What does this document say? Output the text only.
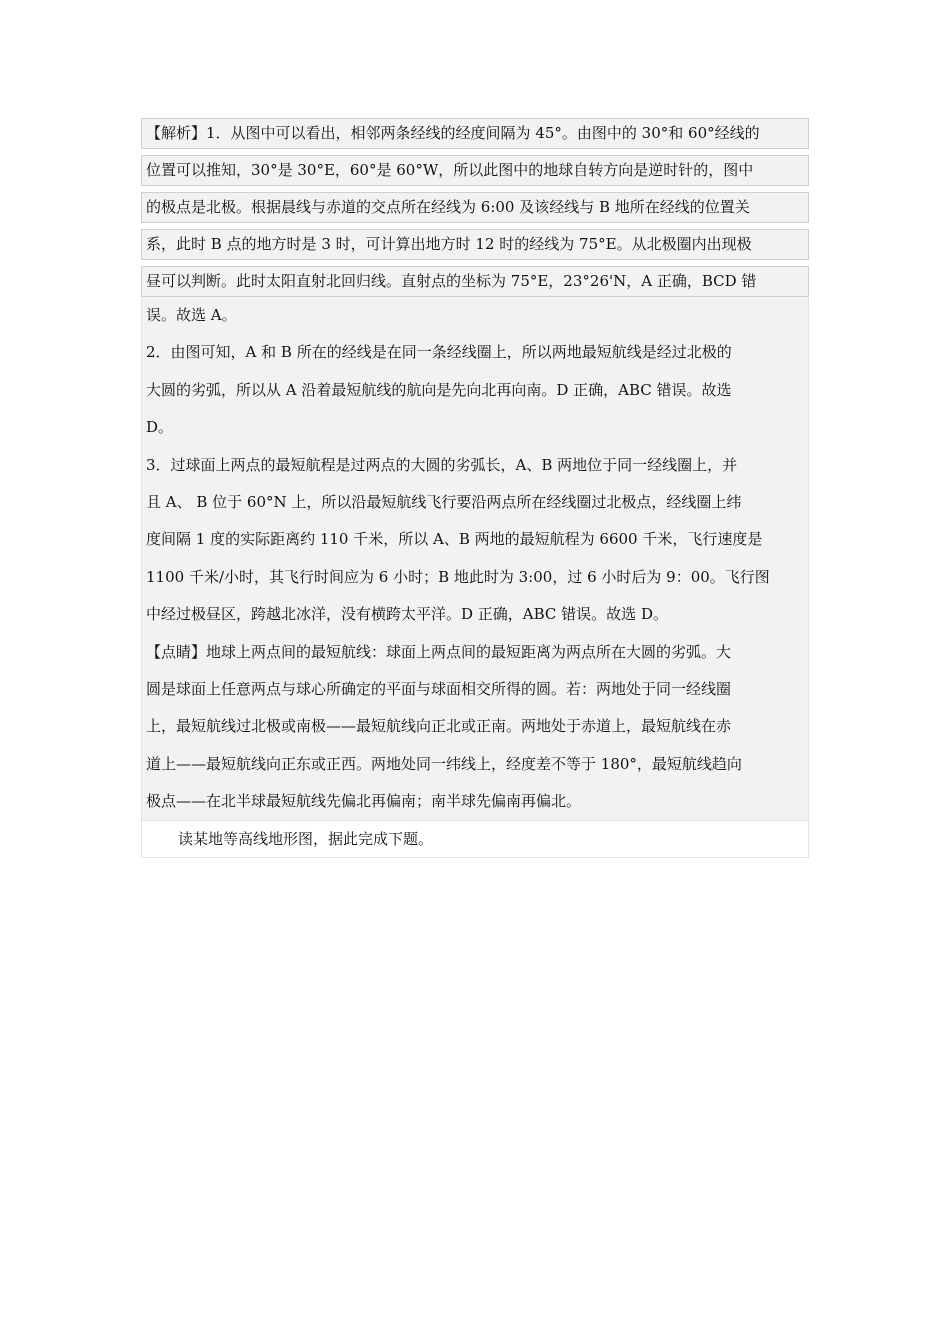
【解析】1．从图中可以看出，相邻两条经线的经度间隔为 45°。由图中的 30°和 60°经线的
位置可以推知，30°是 30°E，60°是 60°W，所以此图中的地球自转方向是逆时针的，图中
的极点是北极。根据晨线与赤道的交点所在经线为 6:00 及该经线与 B 地所在经线的位置关
系，此时 B 点的地方时是 3 时，可计算出地方时 12 时的经线为 75°E。从北极圈内出现极
昼可以判断。此时太阳直射北回归线。直射点的坐标为 75°E，23°26'N，A 正确，BCD 错
误。故选 A。
2．由图可知，A 和 B 所在的经线是在同一条经线圈上，所以两地最短航线是经过北极的
大圆的劣弧，所以从 A 沿着最短航线的航向是先向北再向南。D 正确，ABC 错误。故选
D。
3．过球面上两点的最短航程是过两点的大圆的劣弧长，A、B 两地位于同一经线圈上，并
且 A、 B 位于 60°N 上，所以沿最短航线飞行要沿两点所在经线圈过北极点，经线圈上纬
度间隔 1 度的实际距离约 110 千米，所以 A、B 两地的最短航程为 6600 千米，飞行速度是
1100 千米/小时，其飞行时间应为 6 小时；B 地此时为 3:00，过 6 小时后为 9：00。飞行图
中经过极昼区，跨越北冰洋，没有横跨太平洋。D 正确，ABC 错误。故选 D。
【点睛】地球上两点间的最短航线：球面上两点间的最短距离为两点所在大圆的劣弧。大
圆是球面上任意两点与球心所确定的平面与球面相交所得的圆。若：两地处于同一经线圈
上，最短航线过北极或南极——最短航线向正北或正南。两地处于赤道上，最短航线在赤
道上——最短航线向正东或正西。两地处同一纬线上，经度差不等于 180°，最短航线趋向
极点——在北半球最短航线先偏北再偏南；南半球先偏南再偏北。
读某地等高线地形图，据此完成下题。
